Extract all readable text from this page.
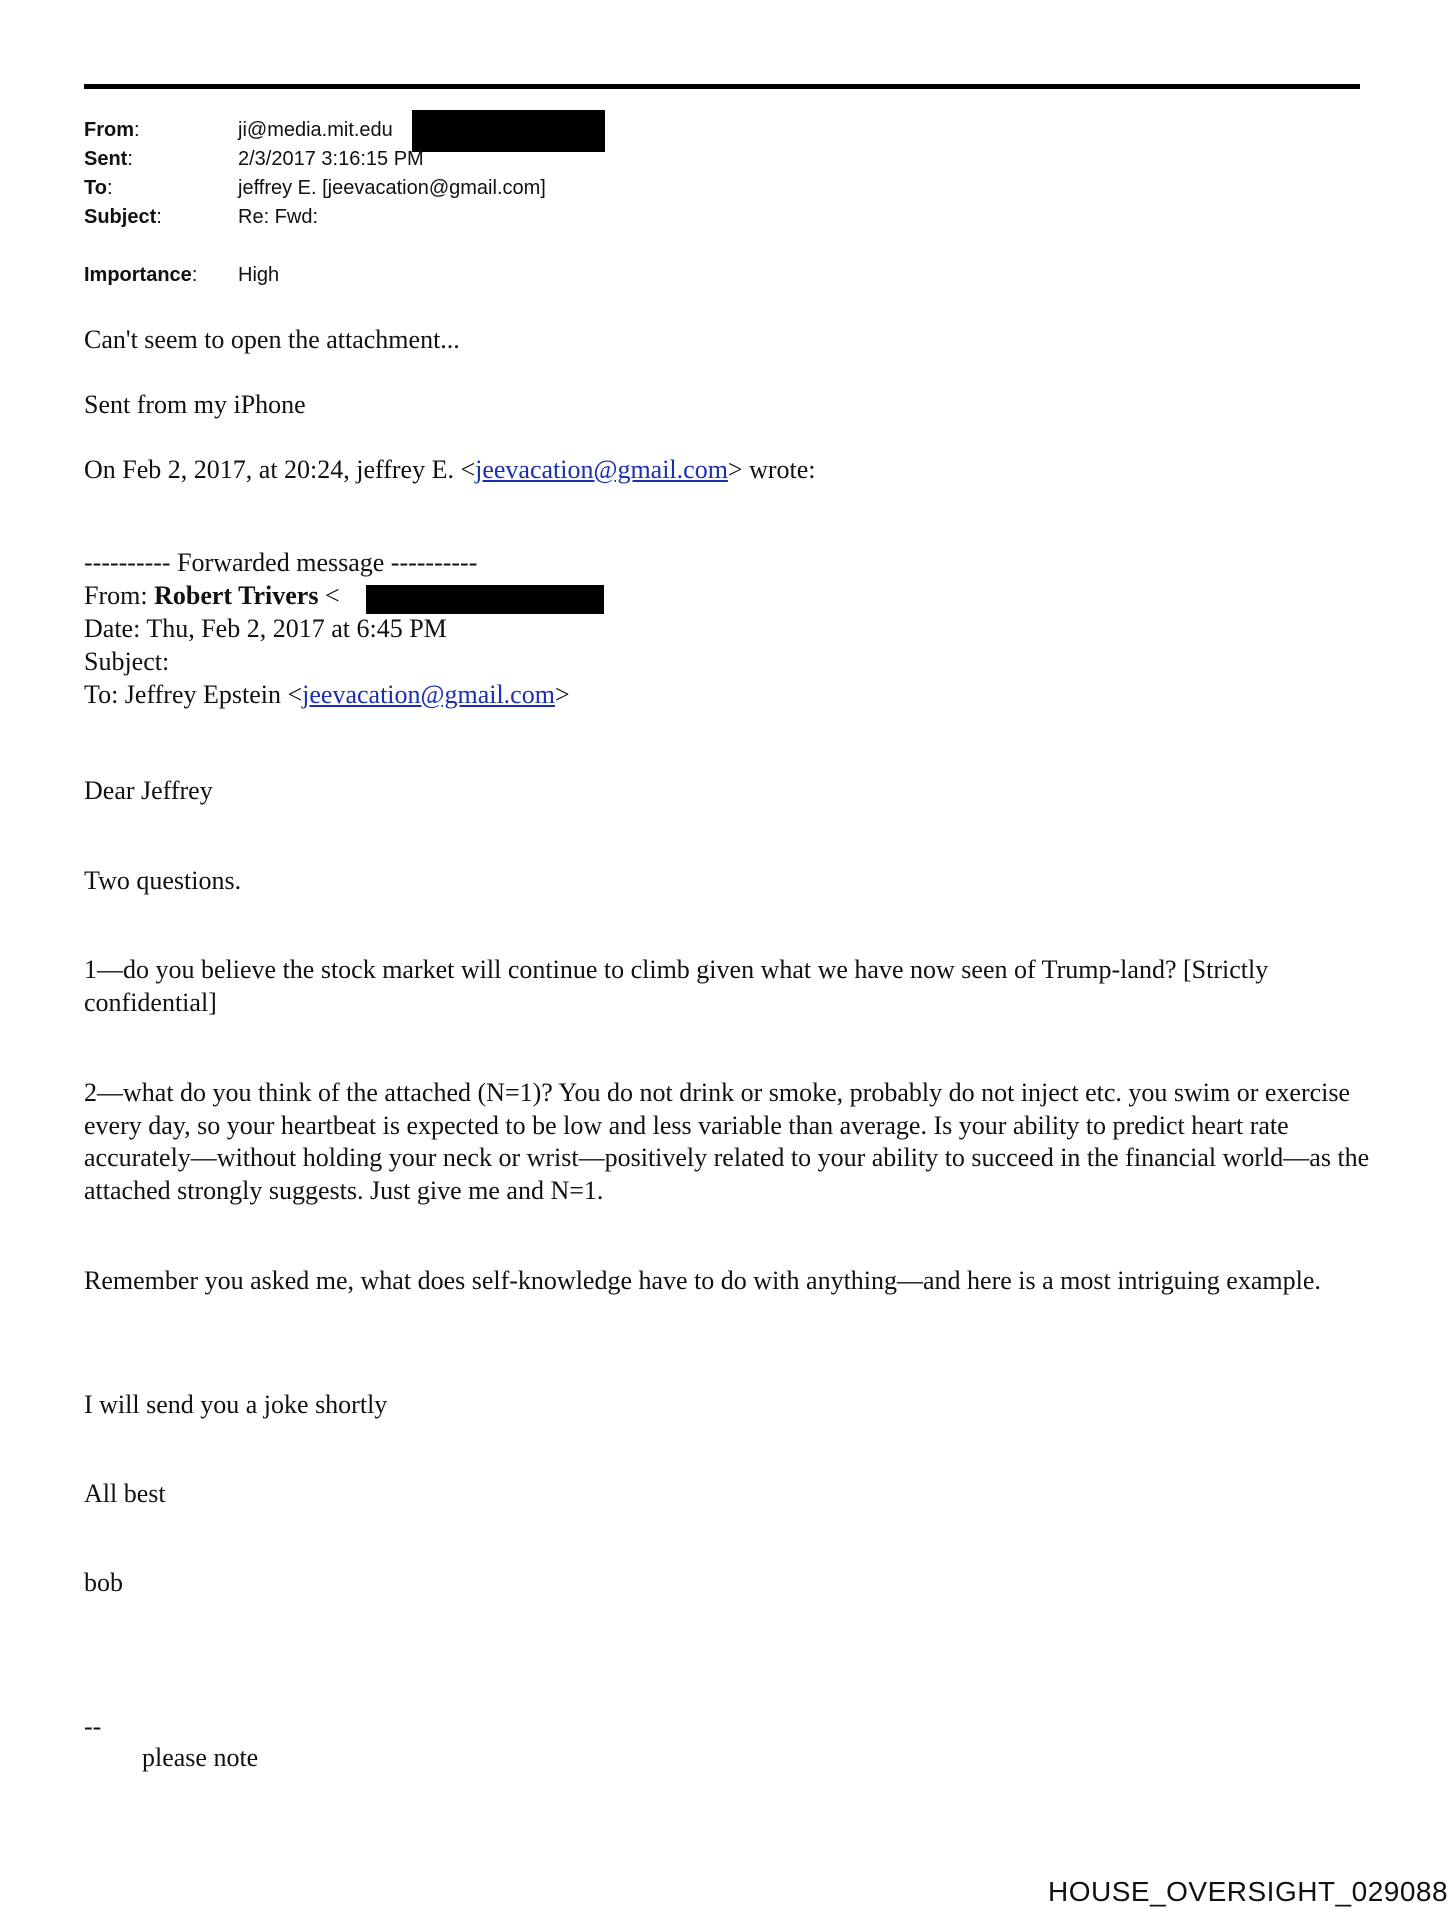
From:	ji@media.mit.edu
Sent:	2/3/2017 3:16:15 PM
To:	jeffrey E. [jeevacation@gmail.com]
Subject:	Re: Fwd:
Importance: High
Can't seem to open the attachment...
Sent from my iPhone
On Feb 2, 2017, at 20:24, jeffrey E. <jeevacation@gmail.com> wrote:
---------- Forwarded message ----------
From: Robert Trivers <
Date: Thu, Feb 2, 2017 at 6:45 PM
Subject:
To: Jeffrey Epstein <jeevacation@gmail.com>
Dear Jeffrey
Two questions.
1—do you believe the stock market will continue to climb given what we have now seen of Trump-land? [Strictly confidential]
2—what do you think of the attached (N=1)? You do not drink or smoke, probably do not inject etc. you swim or exercise every day, so your heartbeat is expected to be low and less variable than average. Is your ability to predict heart rate accurately—without holding your neck or wrist—positively related to your ability to succeed in the financial world—as the attached strongly suggests. Just give me and N=1.
Remember you asked me, what does self-knowledge have to do with anything—and here is a most intriguing example.
I will send you a joke shortly
All best
bob
--
please note
HOUSE_OVERSIGHT_029088
